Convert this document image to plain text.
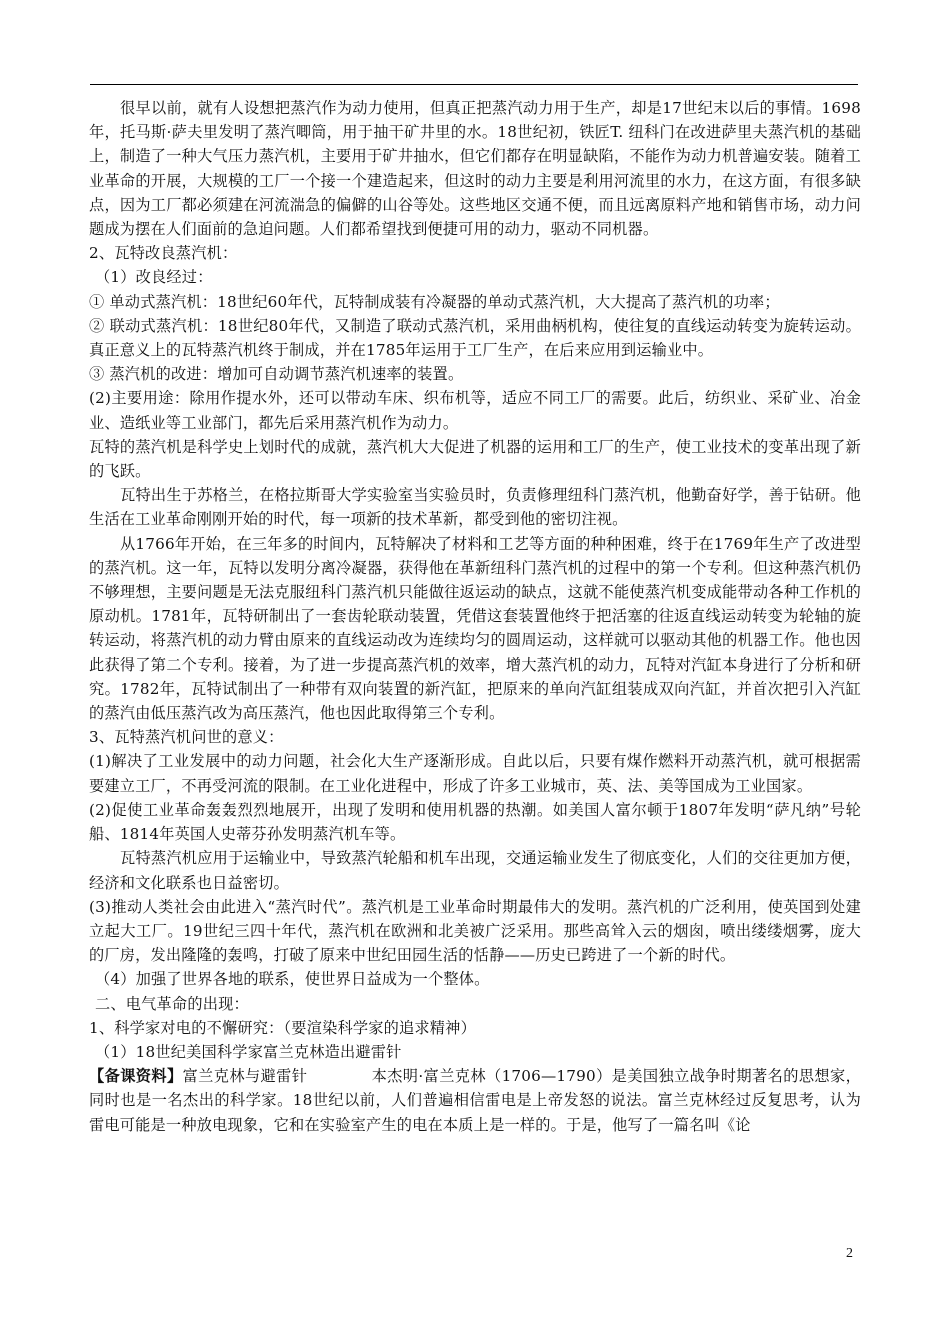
很早以前，就有人设想把蒸汽作为动力使用，但真正把蒸汽动力用于生产，却是17世纪末以后的事情。1698年，托马斯·萨夫里发明了蒸汽唧筒，用于抽干矿井里的水。18世纪初，铁匠T. 纽科门在改进萨里夫蒸汽机的基础上，制造了一种大气压力蒸汽机，主要用于矿井抽水，但它们都存在明显缺陷，不能作为动力机普遍安装。随着工业革命的开展，大规模的工厂一个接一个建造起来，但这时的动力主要是利用河流里的水力，在这方面，有很多缺点，因为工厂都必须建在河流湍急的偏僻的山谷等处。这些地区交通不便，而且远离原料产地和销售市场，动力问题成为摆在人们面前的急迫问题。人们都希望找到便捷可用的动力，驱动不同机器。

2、瓦特改良蒸汽机：

（1）改良经过：

① 单动式蒸汽机：18世纪60年代，瓦特制成装有冷凝器的单动式蒸汽机，大大提高了蒸汽机的功率；

② 联动式蒸汽机：18世纪80年代，又制造了联动式蒸汽机，采用曲柄机构，使往复的直线运动转变为旋转运动。真正意义上的瓦特蒸汽机终于制成，并在1785年运用于工厂生产，在后来应用到运输业中。

③ 蒸汽机的改进：增加可自动调节蒸汽机速率的装置。

(2)主要用途：除用作提水外，还可以带动车床、织布机等，适应不同工厂的需要。此后，纺织业、采矿业、冶金业、造纸业等工业部门，都先后采用蒸汽机作为动力。

瓦特的蒸汽机是科学史上划时代的成就，蒸汽机大大促进了机器的运用和工厂的生产，使工业技术的变革出现了新的飞跃。

瓦特出生于苏格兰，在格拉斯哥大学实验室当实验员时，负责修理纽科门蒸汽机，他勤奋好学，善于钻研。他生活在工业革命刚刚开始的时代，每一项新的技术革新，都受到他的密切注视。

从1766年开始，在三年多的时间内，瓦特解决了材料和工艺等方面的种种困难，终于在1769年生产了改进型的蒸汽机。这一年，瓦特以发明分离冷凝器，获得他在革新纽科门蒸汽机的过程中的第一个专利。但这种蒸汽机仍不够理想，主要问题是无法克服纽科门蒸汽机只能做往返运动的缺点，这就不能使蒸汽机变成能带动各种工作机的原动机。1781年，瓦特研制出了一套齿轮联动装置，凭借这套装置他终于把活塞的往返直线运动转变为轮轴的旋转运动，将蒸汽机的动力臂由原来的直线运动改为连续均匀的圆周运动，这样就可以驱动其他的机器工作。他也因此获得了第二个专利。接着，为了进一步提高蒸汽机的效率，增大蒸汽机的动力，瓦特对汽缸本身进行了分析和研究。1782年，瓦特试制出了一种带有双向装置的新汽缸，把原来的单向汽缸组装成双向汽缸，并首次把引入汽缸的蒸汽由低压蒸汽改为高压蒸汽，他也因此取得第三个专利。

3、瓦特蒸汽机问世的意义：

(1)解决了工业发展中的动力问题，社会化大生产逐渐形成。自此以后，只要有煤作燃料开动蒸汽机，就可根据需要建立工厂，不再受河流的限制。在工业化进程中，形成了许多工业城市，英、法、美等国成为工业国家。

(2)促使工业革命轰轰烈烈地展开，出现了发明和使用机器的热潮。如美国人富尔顿于1807年发明“萨凡纳”号轮船、1814年英国人史蒂芬孙发明蒸汽机车等。

瓦特蒸汽机应用于运输业中，导致蒸汽轮船和机车出现，交通运输业发生了彻底变化，人们的交往更加方便，经济和文化联系也日益密切。

(3)推动人类社会由此进入“蒸汽时代”。蒸汽机是工业革命时期最伟大的发明。蒸汽机的广泛利用，使英国到处建立起大工厂。19世纪三四十年代，蒸汽机在欧洲和北美被广泛采用。那些高耸入云的烟囱，喷出缕缕烟雾，庞大的厂房，发出隆隆的轰鸣，打破了原来中世纪田园生活的恬静——历史已跨进了一个新的时代。

（4）加强了世界各地的联系，使世界日益成为一个整体。

二、电气革命的出现：

1、科学家对电的不懈研究：（要渲染科学家的追求精神）

（1）18世纪美国科学家富兰克林造出避雷针

【备课资料】富兰克林与避雷针	本杰明·富兰克林（1706—1790）是美国独立战争时期著名的思想家，同时也是一名杰出的科学家。18世纪以前，人们普遍相信雷电是上帝发怒的说法。富兰克林经过反复思考，认为雷电可能是一种放电现象，它和在实验室产生的电在本质上是一样的。于是，他写了一篇名叫《论

2
